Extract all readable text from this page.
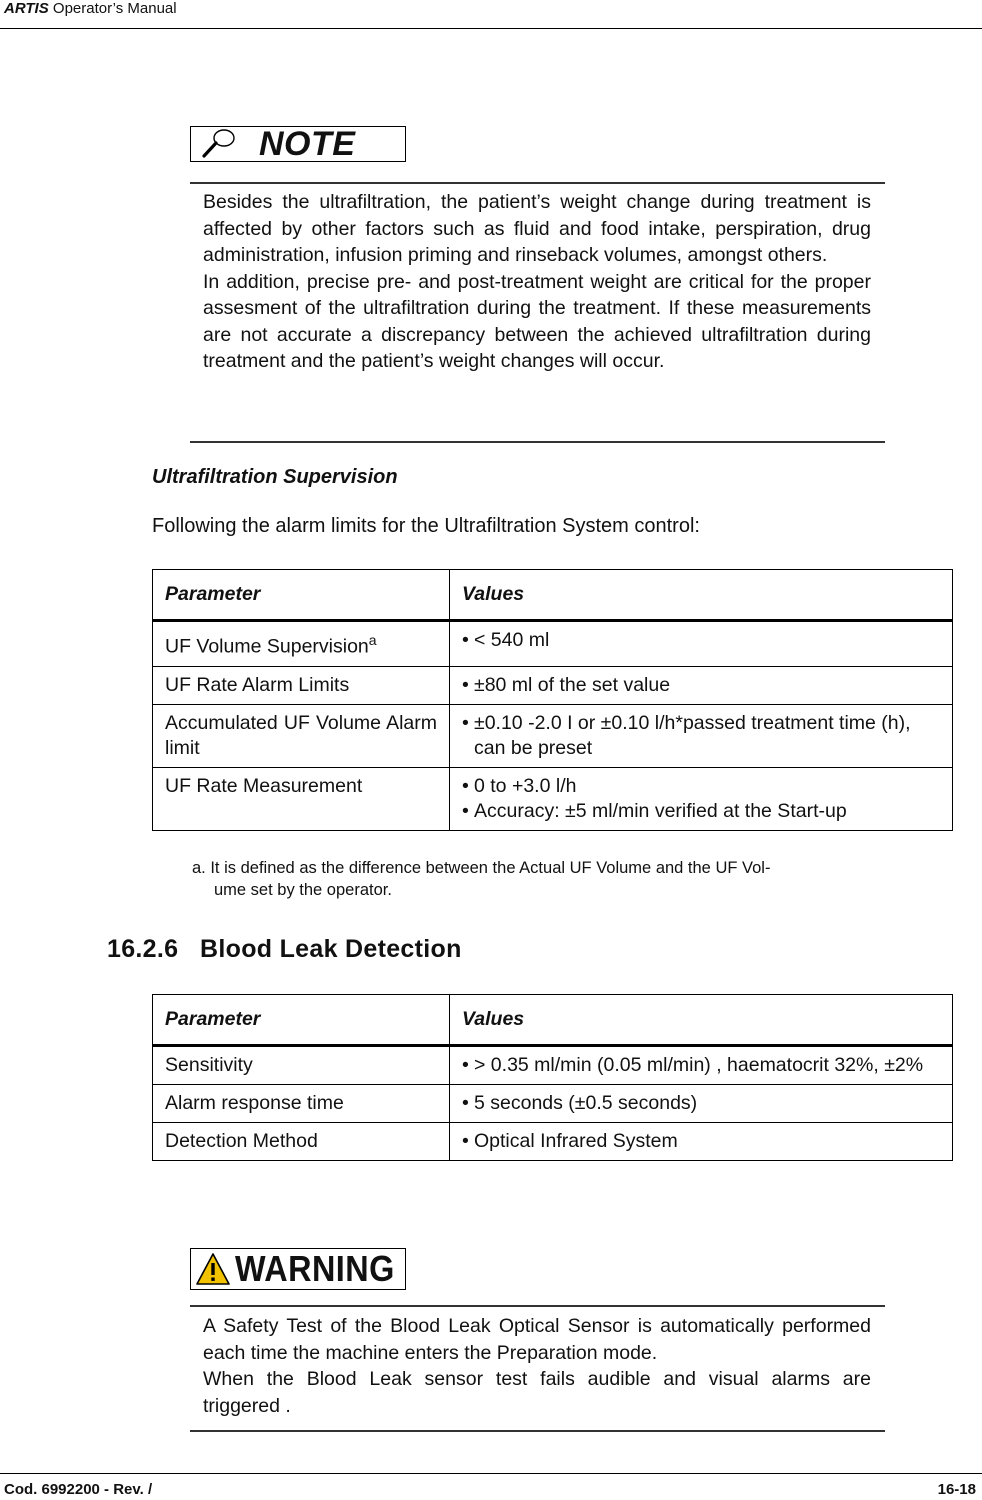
ARTIS Operator’s Manual
NOTE

Besides the ultrafiltration, the patient’s weight change during treatment is affected by other factors such as fluid and food intake, perspiration, drug administration, infusion priming and rinseback volumes, amongst others.

In addition, precise pre- and post-treatment weight are critical for the proper assesment of the ultrafiltration during the treatment. If these measurements are not accurate a discrepancy between the achieved ultrafiltration during treatment and the patient’s weight changes will occur.

Ultrafiltration Supervision
Following the alarm limits for the Ultrafiltration System control:
Parameter	Values
UF Volume Supervision$^a$	• < 540 ml

UF Rate Alarm Limits	• ±80 ml of the set value

Accumulated UF Volume Alarm limit	• ±0.10 -2.0 I or ±0.10 l/h*passed treatment time (h), can be preset

UF Rate Measurement	• 0 to +3.0 l/h
• Accuracy: ±5 ml/min verified at the Start-up
a. It is defined as the difference between the Actual UF Volume and the UF Vol-
ume set by the operator.
16.2.6   Blood Leak Detection
Parameter	Values
Sensitivity	• > 0.35 ml/min (0.05 ml/min) , haematocrit 32%, ±2%

Alarm response time	• 5 seconds (±0.5 seconds)

Detection Method	• Optical Infrared System
WARNING

A Safety Test of the Blood Leak Optical Sensor is automatically performed each time the machine enters the Preparation mode.

When the Blood Leak sensor test fails audible and visual alarms are triggered .

Cod. 6992200 - Rev. /	16-18
